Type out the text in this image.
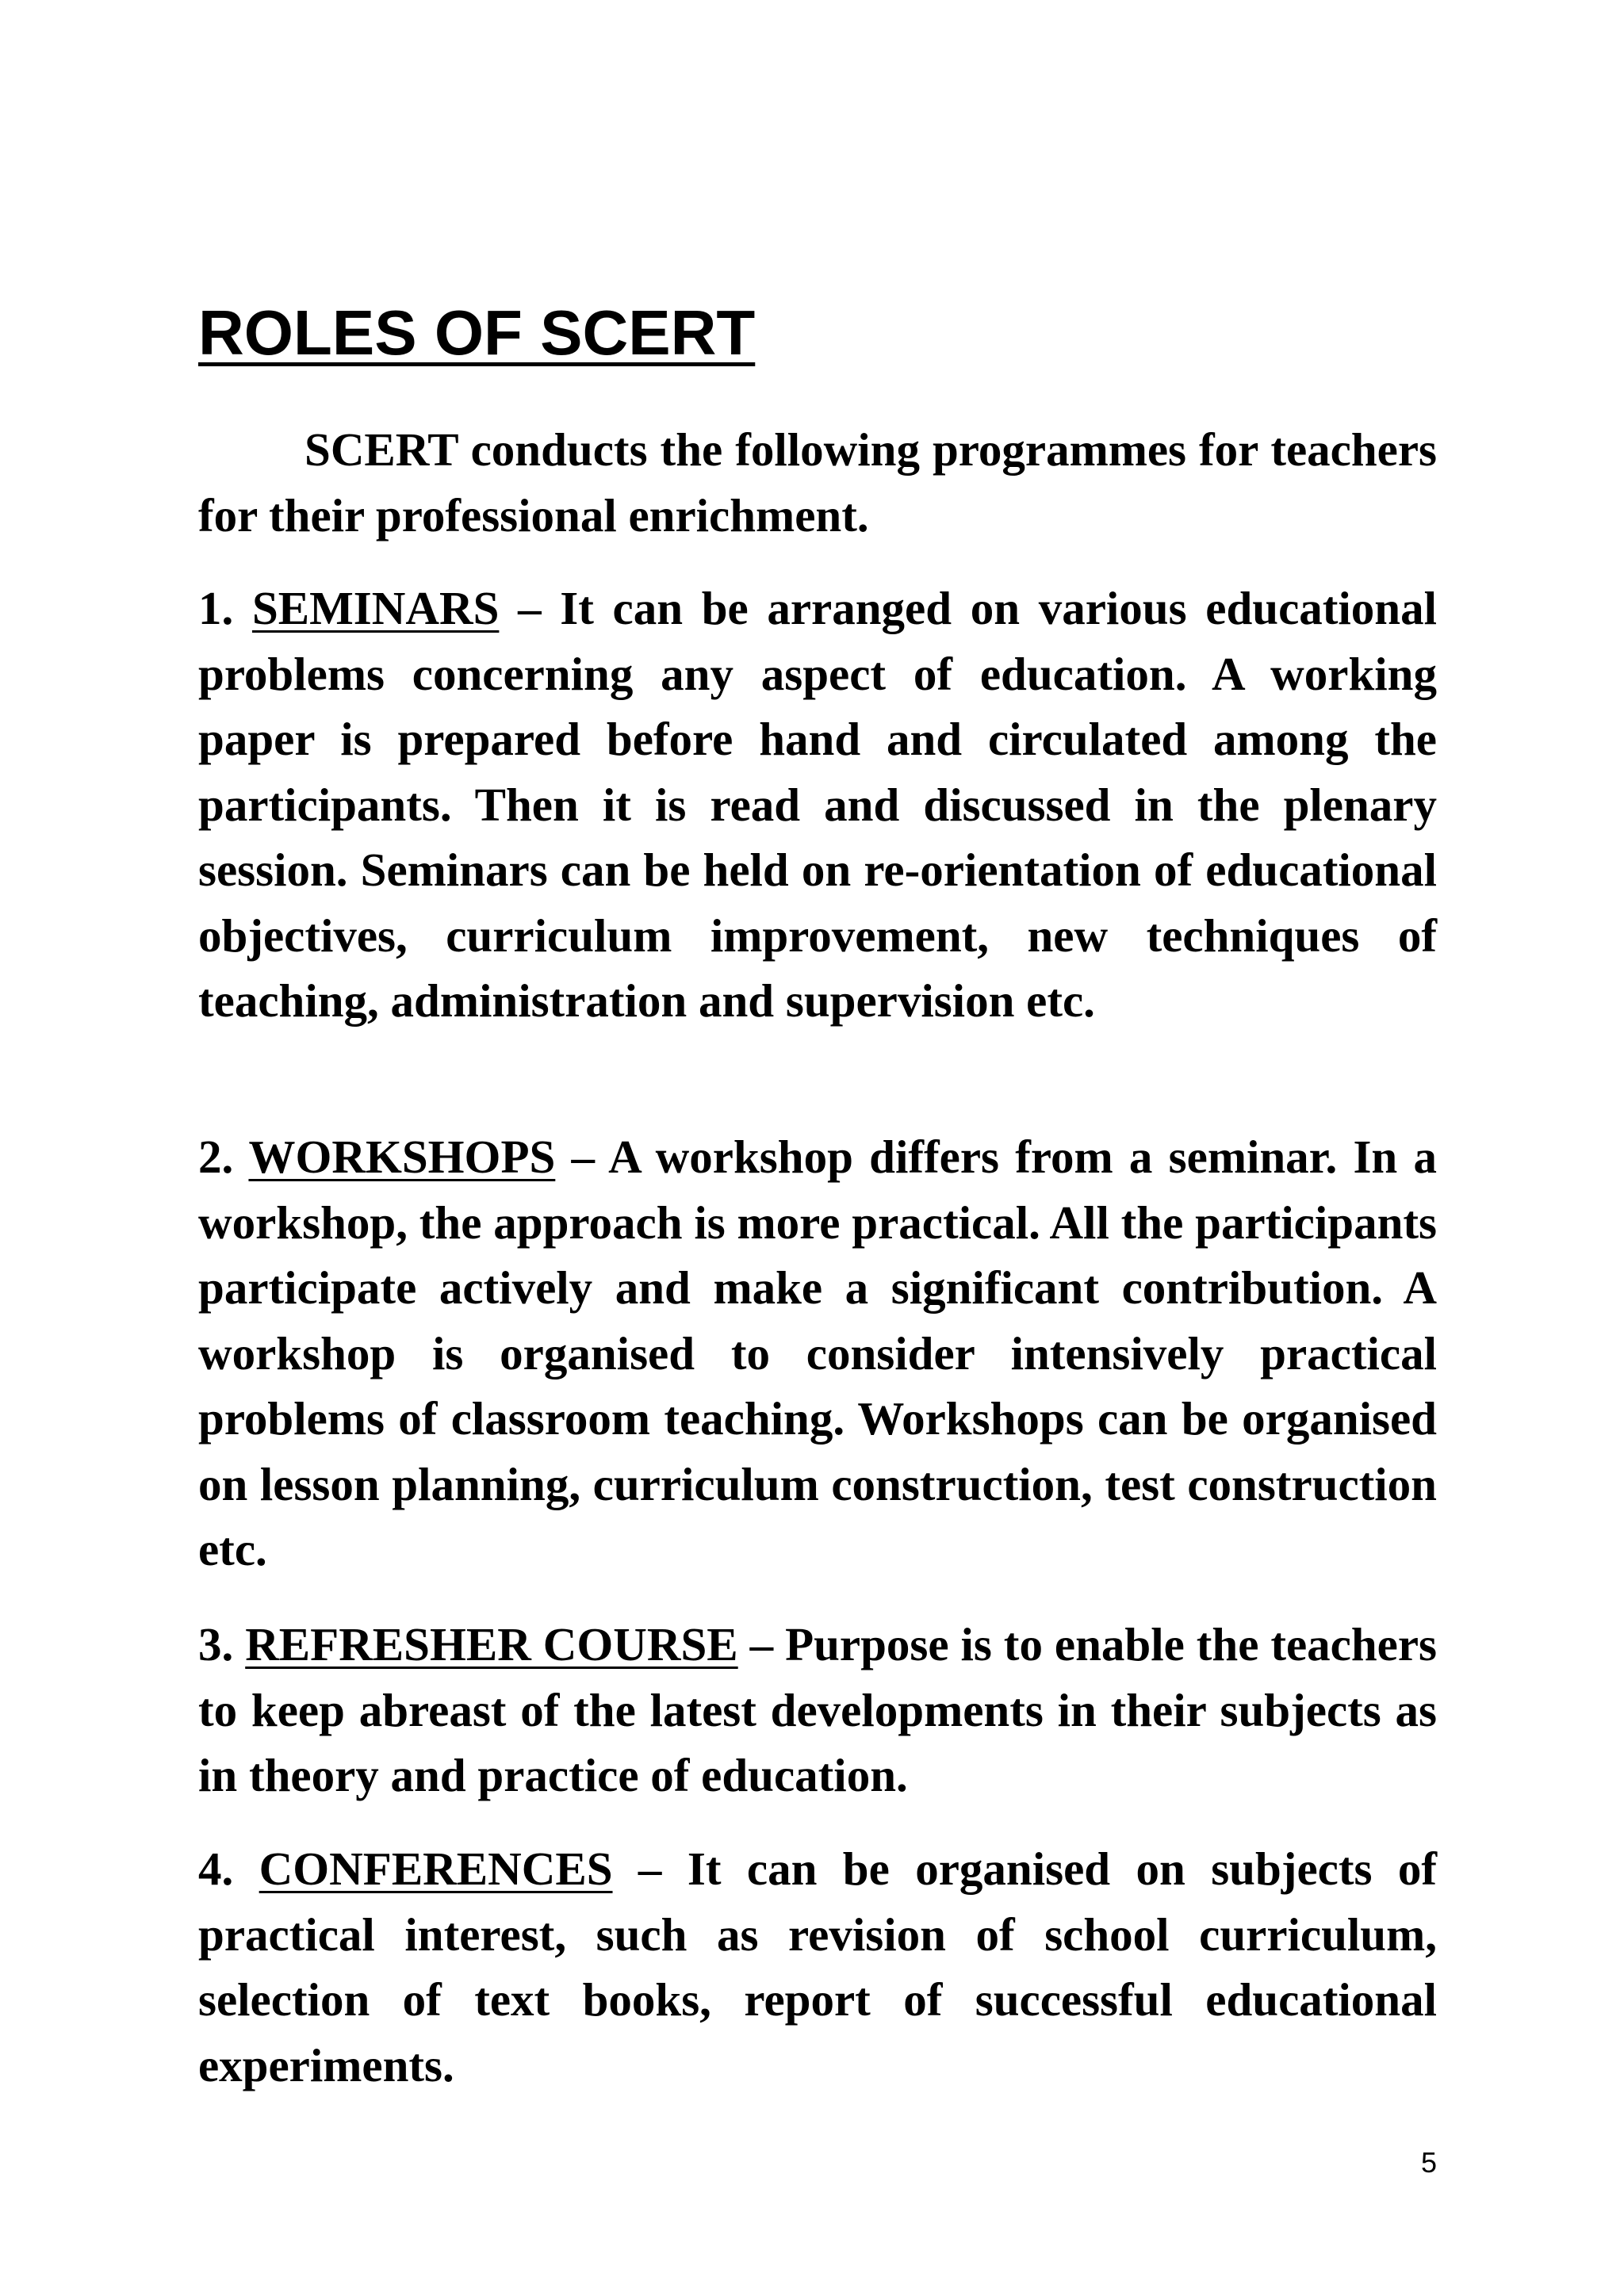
ROLES OF SCERT

SCERT conducts the following programmes for teachers for their professional enrichment.

1. SEMINARS – It can be arranged on various educational problems concerning any aspect of education. A working paper is prepared before hand and circulated among the participants. Then it is read and discussed in the plenary session. Seminars can be held on re-orientation of educational objectives, curriculum improvement, new techniques of teaching, administration and supervision etc.

2. WORKSHOPS – A workshop differs from a seminar. In a workshop, the approach is more practical. All the participants participate actively and make a significant contribution. A workshop is organised to consider intensively practical problems of classroom teaching. Workshops can be organised on lesson planning, curriculum construction, test construction etc.

3. REFRESHER COURSE – Purpose is to enable the teachers to keep abreast of the latest developments in their subjects as in theory and practice of education.

4. CONFERENCES – It can be organised on subjects of practical interest, such as revision of school curriculum, selection of text books, report of successful educational experiments.

5
